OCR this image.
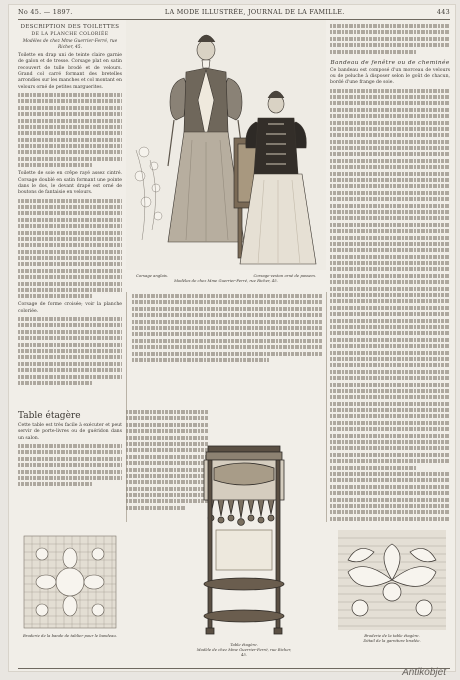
No 45. — 1897.	LA MODE ILLUSTRÉE, JOURNAL DE LA FAMILLE.	443
DESCRIPTION DES TOILETTES
DE LA PLANCHE COLORIÉE
Modèles de chez Mme Guerrier-Ferré, rue Richer, 45.

Toilette en drap uni de teinte claire garnie de galon et de tresse. Corsage plat en satin recouvert de tulle brodé et de velours. Grand col carré formant des bretelles arrondies sur les manches et col montant en velours orné de petites marguerites.

Toilette de soie en crêpe rayé assez cintré. Corsage doublé en satin formant une pointe dans le dos, le devant drapé est orné de boutons de fantaisie en velours.

Corsage de forme croisée; voir la planche coloriée.

Corsage anglais.	Corsage-veston orné de passem.
Modèles de chez Mme Guerrier-Ferré, rue Richer, 45.
Bandeau de fenêtre ou de cheminée

Ce bandeau est composé d'un morceau de velours ou de peluche à disposer selon le goût de chacun, bordé d'une frange de soie.

Table étagère

Cette table est très facile à exécuter et peut servir de porte-livres ou de guéridon dans un salon.

Broderie de la bande de tablier pour le bandeau.
Table étagère.
Modèle de chez Mme Guerrier-Ferré, rue Richer, 45.
Broderie de la table étagère.
Détail de la garniture brodée.
Antikobjet
